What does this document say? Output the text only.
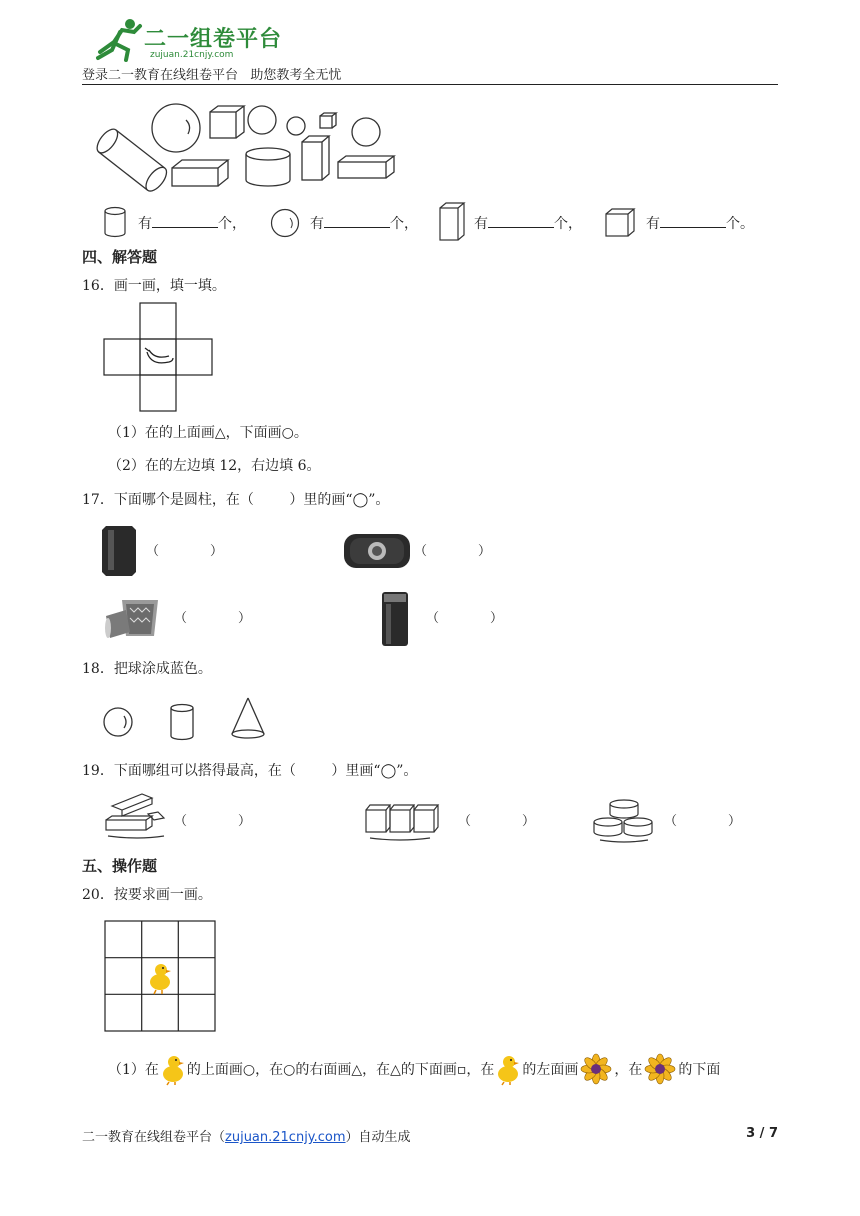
二一组卷平台
zujuan.21cnjy.com
登录二一教育在线组卷平台   助您教考全无忧
有	个，	有	个，	有	个，	有	个。
四、解答题
16．画一画，填一填。
（1）在的上面画△，下面画○。
（2）在的左边填 12，右边填 6。
17．下面哪个是圆柱，在（        ）里的画“◯”。
（        ）	（        ）
（        ）	（        ）
18．把球涂成蓝色。
19．下面哪组可以搭得最高，在（        ）里画“◯”。
（        ）	（        ）	（        ）
五、操作题
20．按要求画一画。
（1）在 的上面画○，在○的右面画△，在△的下面画▫，在 的左面画	，在	的下面
二一教育在线组卷平台（zujuan.21cnjy.com）自动生成	3 / 7
